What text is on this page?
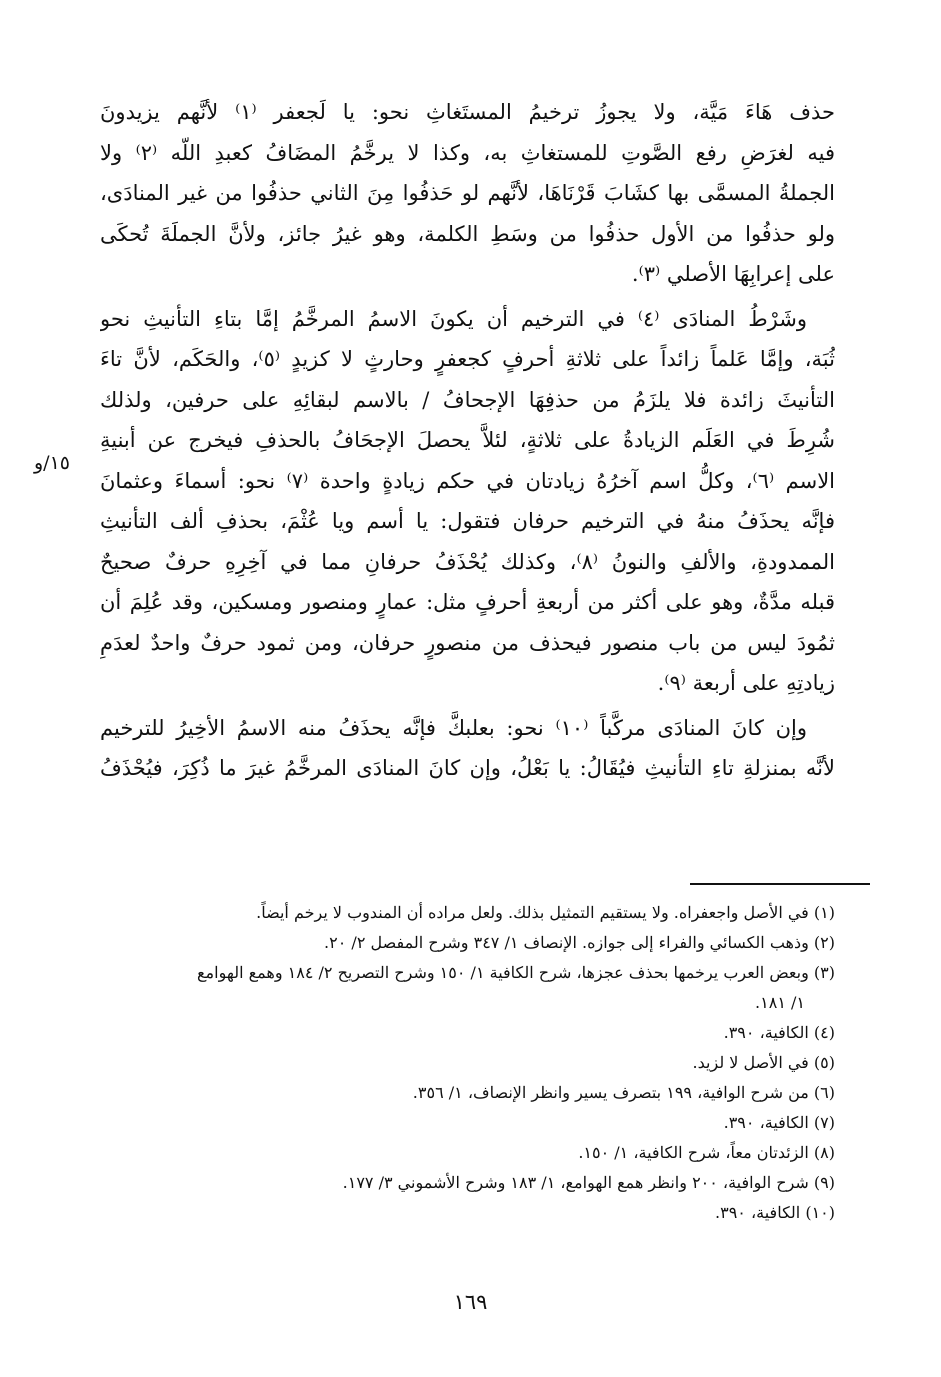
١٥/و

حذف هَاءَ مَيَّة، ولا يجوزُ ترخيمُ المستَغاثِ نحو: يا لَجعفر ⁽١⁾ لأنَّهم يزيدونَ
فيه لغرَضِ رفع الصَّوتِ للمستغاثِ به، وكذا لا يرخَّمُ المضَافُ كعبدِ اللّه ⁽٢⁾ ولا
الجملةُ المسمَّى بها كشَابَ قَرْنَاهَا، لأنَّهم لو حَذفُوا مِنَ الثاني حذفُوا من غير المنادَى،
ولو حذفُوا من الأول حذفُوا من وسَطِ الكلمة، وهو غيرُ جائز، ولأنَّ الجملَةَ تُحكَى
على إعرابِهَا الأصلي ⁽٣⁾.

وشَرْطُ المنادَى ⁽٤⁾ في الترخيم أن يكونَ الاسمُ المرخَّمُ إمَّا بتاءِ التأنيثِ نحو
ثُبَة، وإمَّا عَلماً زائداً على ثلاثةِ أحرفٍ كجعفرٍ وحارثٍ لا كزيدٍ ⁽٥⁾، والحَكَم، لأنَّ تاءَ
التأنيثَ زائدة فلا يلزَمُ من حذفِهَا الإجحافُ / بالاسم لبقائِهِ على حرفين، ولذلك
شُرِطَ في العَلَم الزيادةُ على ثلاثةٍ، لئلاَّ يحصلَ الإجحَافُ بالحذفِ فيخرج عن أبنيةِ
الاسم ⁽٦⁾، وكلُّ اسم آخرُهُ زيادتان في حكم زيادةٍ واحدة ⁽٧⁾ نحو: أسماءَ وعثمانَ
فإنَّه يحذَفُ منهُ في الترخيم حرفان فتقول: يا أسم ويا عُثْمَ، بحذفِ ألف التأنيثِ
الممدودةِ، والألفِ والنونُ ⁽٨⁾، وكذلك يُحْذَفُ حرفانِ مما في آخِرِهِ حرفٌ صحيحٌ
قبله مدَّةٌ، وهو على أكثر من أربعةِ أحرفٍ مثل: عمارٍ ومنصور ومسكين، وقد عُلِمَ أن
ثمُودَ ليس من باب منصور فيحذف من منصورٍ حرفان، ومن ثمود حرفٌ واحدٌ لعدَمِ
زيادتِهِ على أربعة ⁽٩⁾.

وإن كانَ المنادَى مركَّباً ⁽١٠⁾ نحو: بعلبكَّ فإنَّه يحذَفُ منه الاسمُ الأخِيرُ للترخيم
لأنَّه بمنزلةِ تاءِ التأنيثِ فيُقَالُ: يا بَعْلُ، وإن كانَ المنادَى المرخَّمُ غيرَ ما ذُكِرَ، فيُحْذَفُ

(١) في الأصل واجعفراه. ولا يستقيم التمثيل بذلك. ولعل مراده أن المندوب لا يرخم أيضاً.
(٢) وذهب الكسائي والفراء إلى جوازه. الإنصاف ١/ ٣٤٧ وشرح المفصل ٢/ ٢٠.
(٣) وبعض العرب يرخمها بحذف عجزها، شرح الكافية ١/ ١٥٠ وشرح التصريح ٢/ ١٨٤ وهمع الهوامع
١/ ١٨١.
(٤) الكافية، ٣٩٠.
(٥) في الأصل لا لزيد.
(٦) من شرح الوافية، ١٩٩ بتصرف يسير وانظر الإنصاف، ١/ ٣٥٦.
(٧) الكافية، ٣٩٠.
(٨) الزئدتان معاً، شرح الكافية، ١/ ١٥٠.
(٩) شرح الوافية، ٢٠٠ وانظر همع الهوامع، ١/ ١٨٣ وشرح الأشموني ٣/ ١٧٧.
(١٠) الكافية، ٣٩٠.
١٦٩
